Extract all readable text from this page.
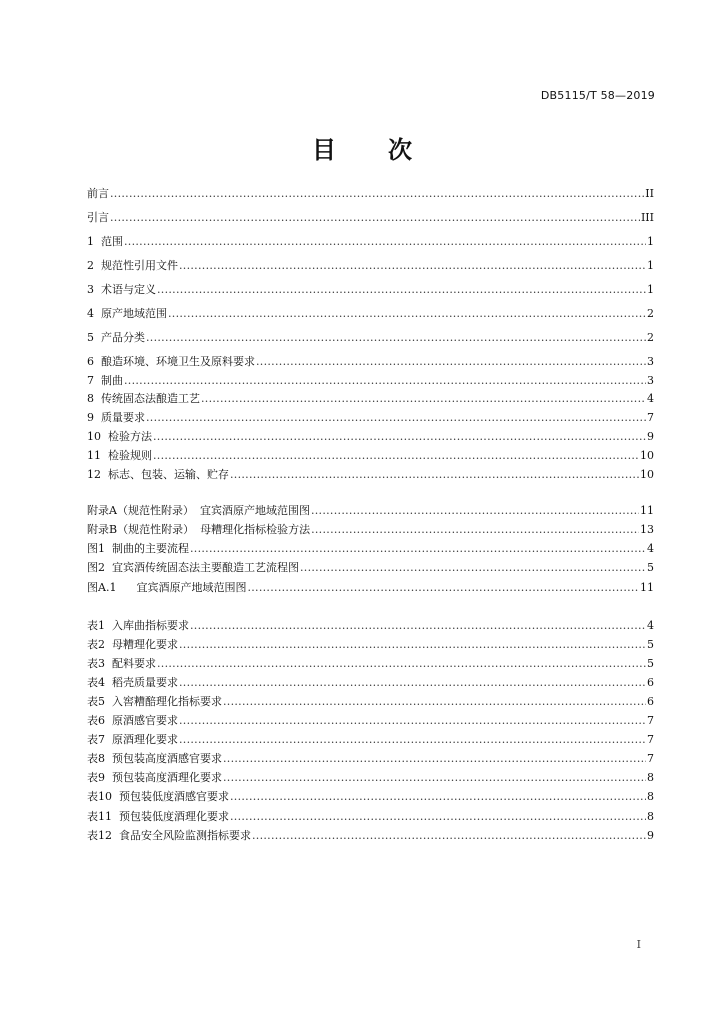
DB5115/T 58—2019
目 次
前言 .....	II
引言 .....	III
1 范围 .....	1
2 规范性引用文件 .....	1
3 术语与定义 .....	1
4 原产地域范围 .....	2
5 产品分类 .....	2
6 酿造环境、环境卫生及原料要求 .....	3
7 制曲 .....	3
8 传统固态法酿造工艺 .....	4
9 质量要求 .....	7
10 检验方法 .....	9
11 检验规则 .....	10
12 标志、包装、运输、贮存 .....	10
附录A（规范性附录） 宜宾酒原产地域范围图 .....	11
附录B（规范性附录） 母糟理化指标检验方法 .....	13
图1 制曲的主要流程 .....	4
图2 宜宾酒传统固态法主要酿造工艺流程图 .....	5
图A.1 宜宾酒原产地域范围图 .....	11
表1 入库曲指标要求 .....	4
表2 母糟理化要求 .....	5
表3 配料要求 .....	5
表4 稻壳质量要求 .....	6
表5 入窖糟醅理化指标要求 .....	6
表6 原酒感官要求 .....	7
表7 原酒理化要求 .....	7
表8 预包装高度酒感官要求 .....	7
表9 预包装高度酒理化要求 .....	8
表10 预包装低度酒感官要求 .....	8
表11 预包装低度酒理化要求 .....	8
表12 食品安全风险监测指标要求 .....	9
I
